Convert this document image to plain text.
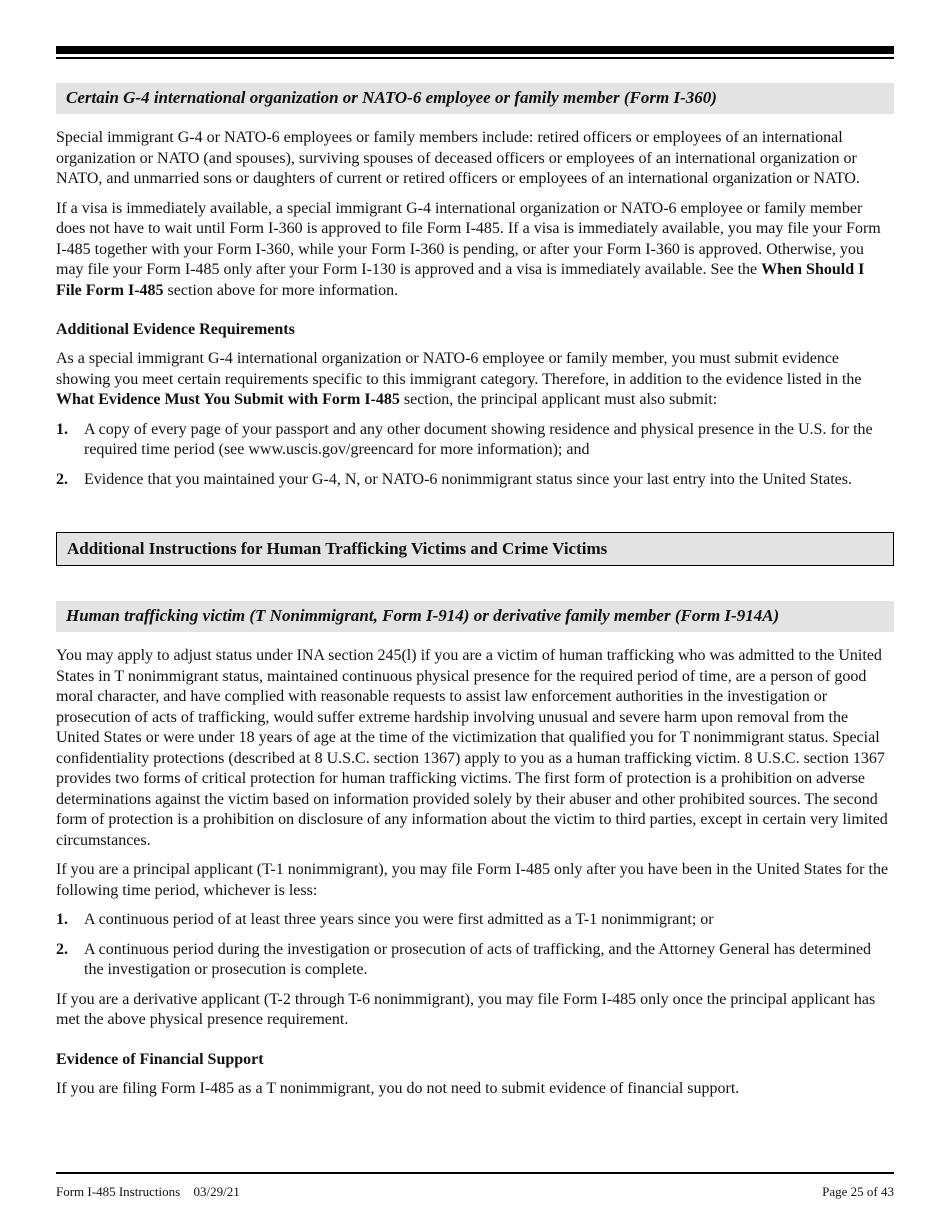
Certain G-4 international organization or NATO-6 employee or family member (Form I-360)

Special immigrant G-4 or NATO-6 employees or family members include: retired officers or employees of an international organization or NATO (and spouses), surviving spouses of deceased officers or employees of an international organization or NATO, and unmarried sons or daughters of current or retired officers or employees of an international organization or NATO.

If a visa is immediately available, a special immigrant G-4 international organization or NATO-6 employee or family member does not have to wait until Form I-360 is approved to file Form I-485. If a visa is immediately available, you may file your Form I-485 together with your Form I-360, while your Form I-360 is pending, or after your Form I-360 is approved. Otherwise, you may file your Form I-485 only after your Form I-130 is approved and a visa is immediately available. See the When Should I File Form I-485 section above for more information.

Additional Evidence Requirements

As a special immigrant G-4 international organization or NATO-6 employee or family member, you must submit evidence showing you meet certain requirements specific to this immigrant category. Therefore, in addition to the evidence listed in the What Evidence Must You Submit with Form I-485 section, the principal applicant must also submit:

1.	A copy of every page of your passport and any other document showing residence and physical presence in the U.S. for the required time period (see www.uscis.gov/greencard for more information); and
2.	Evidence that you maintained your G-4, N, or NATO-6 nonimmigrant status since your last entry into the United States.
Additional Instructions for Human Trafficking Victims and Crime Victims
Human trafficking victim (T Nonimmigrant, Form I-914) or derivative family member (Form I-914A)

You may apply to adjust status under INA section 245(l) if you are a victim of human trafficking who was admitted to the United States in T nonimmigrant status, maintained continuous physical presence for the required period of time, are a person of good moral character, and have complied with reasonable requests to assist law enforcement authorities in the investigation or prosecution of acts of trafficking, would suffer extreme hardship involving unusual and severe harm upon removal from the United States or were under 18 years of age at the time of the victimization that qualified you for T nonimmigrant status. Special confidentiality protections (described at 8 U.S.C. section 1367) apply to you as a human trafficking victim. 8 U.S.C. section 1367 provides two forms of critical protection for human trafficking victims. The first form of protection is a prohibition on adverse determinations against the victim based on information provided solely by their abuser and other prohibited sources. The second form of protection is a prohibition on disclosure of any information about the victim to third parties, except in certain very limited circumstances.

If you are a principal applicant (T-1 nonimmigrant), you may file Form I-485 only after you have been in the United States for the following time period, whichever is less:

1.	A continuous period of at least three years since you were first admitted as a T-1 nonimmigrant; or
2.	A continuous period during the investigation or prosecution of acts of trafficking, and the Attorney General has determined the investigation or prosecution is complete.

If you are a derivative applicant (T-2 through T-6 nonimmigrant), you may file Form I-485 only once the principal applicant has met the above physical presence requirement.

Evidence of Financial Support

If you are filing Form I-485 as a T nonimmigrant, you do not need to submit evidence of financial support.

Form I-485 Instructions 03/29/21	Page 25 of 43
